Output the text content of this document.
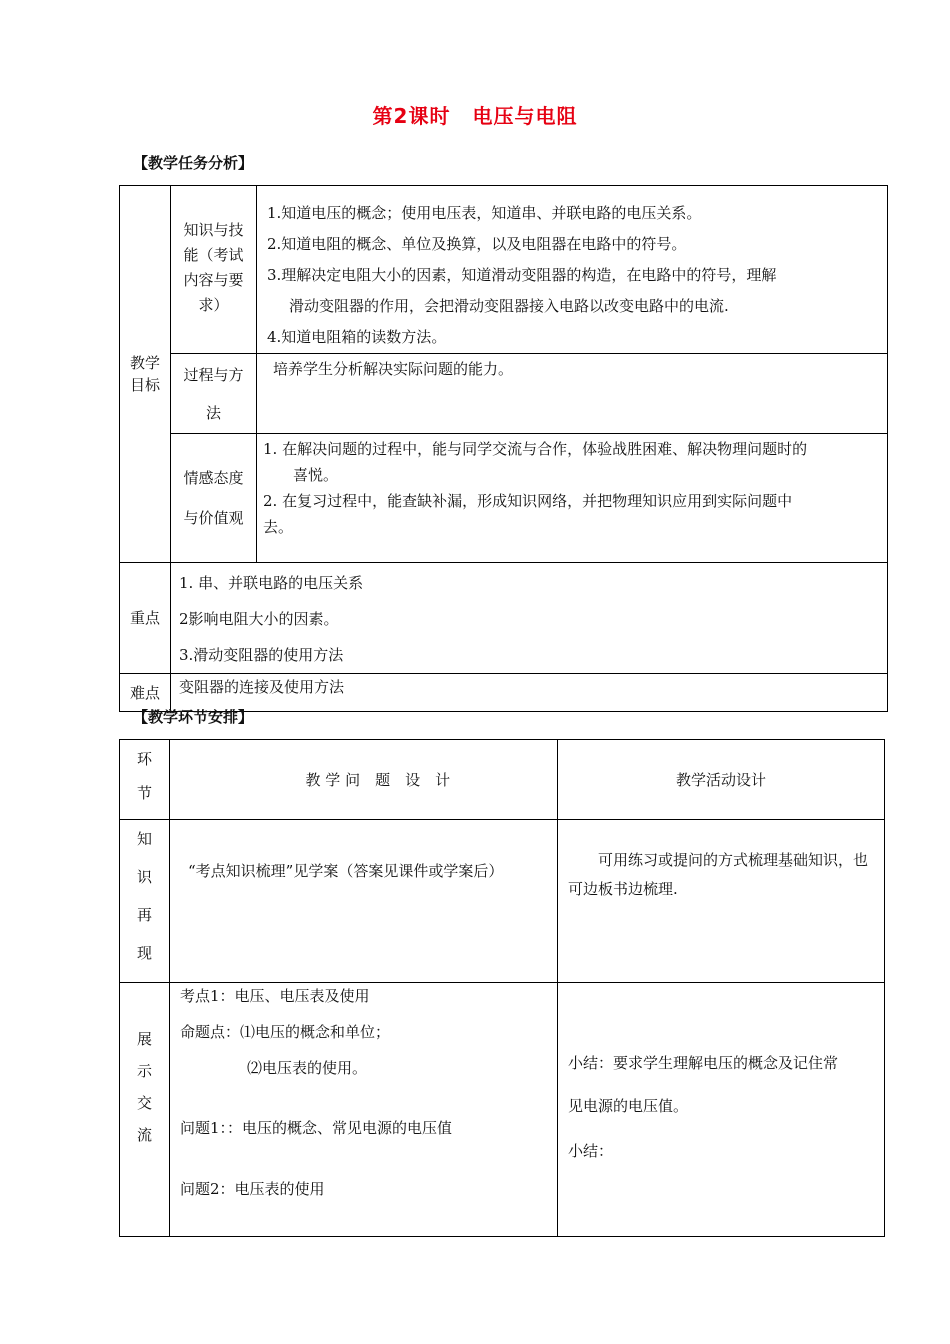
第2课时 电压与电阻
【教学任务分析】
教学
目标	知识与技
能（考试
内容与要
求）	1.知道电压的概念；使用电压表，知道串、并联电路的电压关系。
2.知道电阻的概念、单位及换算，以及电阻器在电路中的符号。
3.理解决定电阻大小的因素，知道滑动变阻器的构造，在电路中的符号，理解
滑动变阻器的作用，会把滑动变阻器接入电路以改变电路中的电流.
4.知道电阻箱的读数方法。

	过程与方
法	培养学生分析解决实际问题的能力。

	情感态度
与价值观	1. 在解决问题的过程中，能与同学交流与合作，体验战胜困难、解决物理问题时的
喜悦。
2. 在复习过程中，能查缺补漏，形成知识网络，并把物理知识应用到实际问题中
去。

重点	1. 串、并联电路的电压关系
2影响电阻大小的因素。
3.滑动变阻器的使用方法	

难点	变阻器的连接及使用方法	
【教学环节安排】
环
节	教 学 问　题　设　计	教学活动设计

知
识
再
现	“考点知识梳理”见学案（答案见课件或学案后）	可用练习或提问的方式梳理基础知识，也可边板书边梳理.

展
示
交
流	考点1：电压、电压表及使用
命题点：⑴电压的概念和单位；
⑵电压表的使用。
问题1：：电压的概念、常见电源的电压值
问题2：电压表的使用	小结：要求学生理解电压的概念及记住常
见电源的电压值。
小结：
